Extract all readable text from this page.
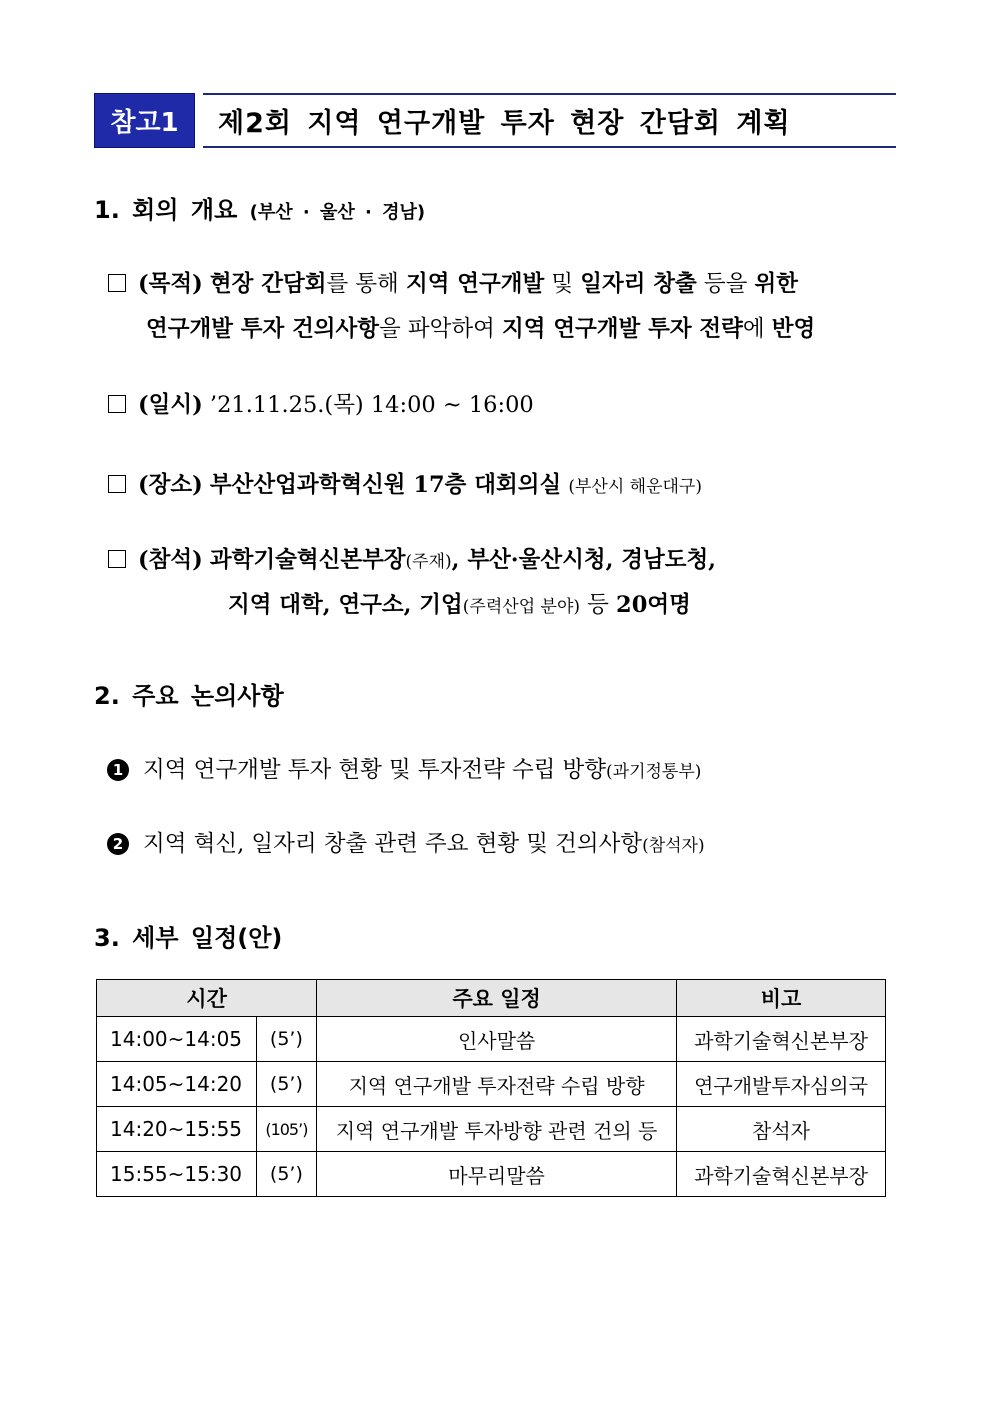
참고1	제2회 지역 연구개발 투자 현장 간담회 계획
1. 회의 개요 (부산 · 울산 · 경남)
(목적) 현장 간담회를 통해 지역 연구개발 및 일자리 창출 등을 위한
연구개발 투자 건의사항을 파악하여 지역 연구개발 투자 전략에 반영
(일시) ’21.11.25.(목) 14:00 ~ 16:00
(장소) 부산산업과학혁신원 17층 대회의실 (부산시 해운대구)
(참석) 과학기술혁신본부장(주재), 부산·울산시청, 경남도청,
지역 대학, 연구소, 기업(주력산업 분야) 등 20여명
2. 주요 논의사항
1 지역 연구개발 투자 현황 및 투자전략 수립 방향(과기정통부)
2 지역 혁신, 일자리 창출 관련 주요 현황 및 건의사항(참석자)
3. 세부 일정(안)
시간		주요 일정	비고
14:00~14:05	(5’)	인사말씀	과학기술혁신본부장
14:05~14:20	(5’)	지역 연구개발 투자전략 수립 방향	연구개발투자심의국
14:20~15:55	(105’)	지역 연구개발 투자방향 관련 건의 등	참석자
15:55~15:30	(5’)	마무리말씀	과학기술혁신본부장
